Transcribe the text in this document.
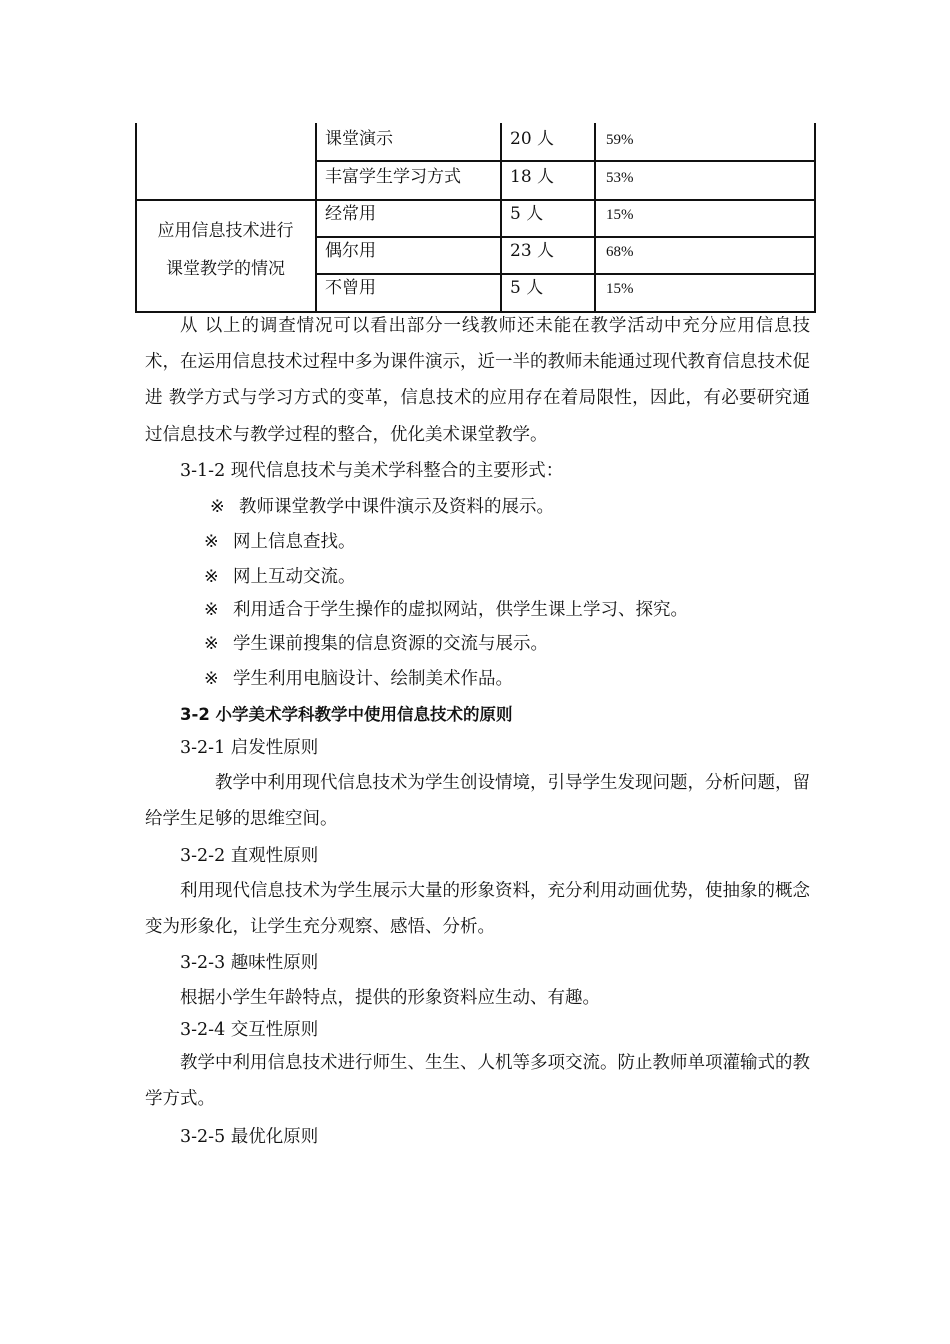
课堂演示	20 人	59%
丰富学生学习方式	18 人	53%
应用信息技术进行
课堂教学的情况
经常用	5 人	15%
偶尔用	23 人	68%
不曾用	5 人	15%
从 以上的调查情况可以看出部分一线教师还未能在教学活动中充分应用信息技术，在运用信息技术过程中多为课件演示，近一半的教师未能通过现代教育信息技术促进 教学方式与学习方式的变革，信息技术的应用存在着局限性，因此，有必要研究通过信息技术与教学过程的整合，优化美术课堂教学。
3-1-2 现代信息技术与美术学科整合的主要形式：
※ 教师课堂教学中课件演示及资料的展示。
※ 网上信息查找。
※ 网上互动交流。
※ 利用适合于学生操作的虚拟网站，供学生课上学习、探究。
※ 学生课前搜集的信息资源的交流与展示。
※ 学生利用电脑设计、绘制美术作品。
3-2 小学美术学科教学中使用信息技术的原则
3-2-1 启发性原则
教学中利用现代信息技术为学生创设情境，引导学生发现问题，分析问题，留给学生足够的思维空间。
3-2-2 直观性原则
利用现代信息技术为学生展示大量的形象资料，充分利用动画优势，使抽象的概念变为形象化，让学生充分观察、感悟、分析。
3-2-3 趣味性原则
根据小学生年龄特点，提供的形象资料应生动、有趣。
3-2-4 交互性原则
教学中利用信息技术进行师生、生生、人机等多项交流。防止教师单项灌输式的教学方式。
3-2-5 最优化原则
